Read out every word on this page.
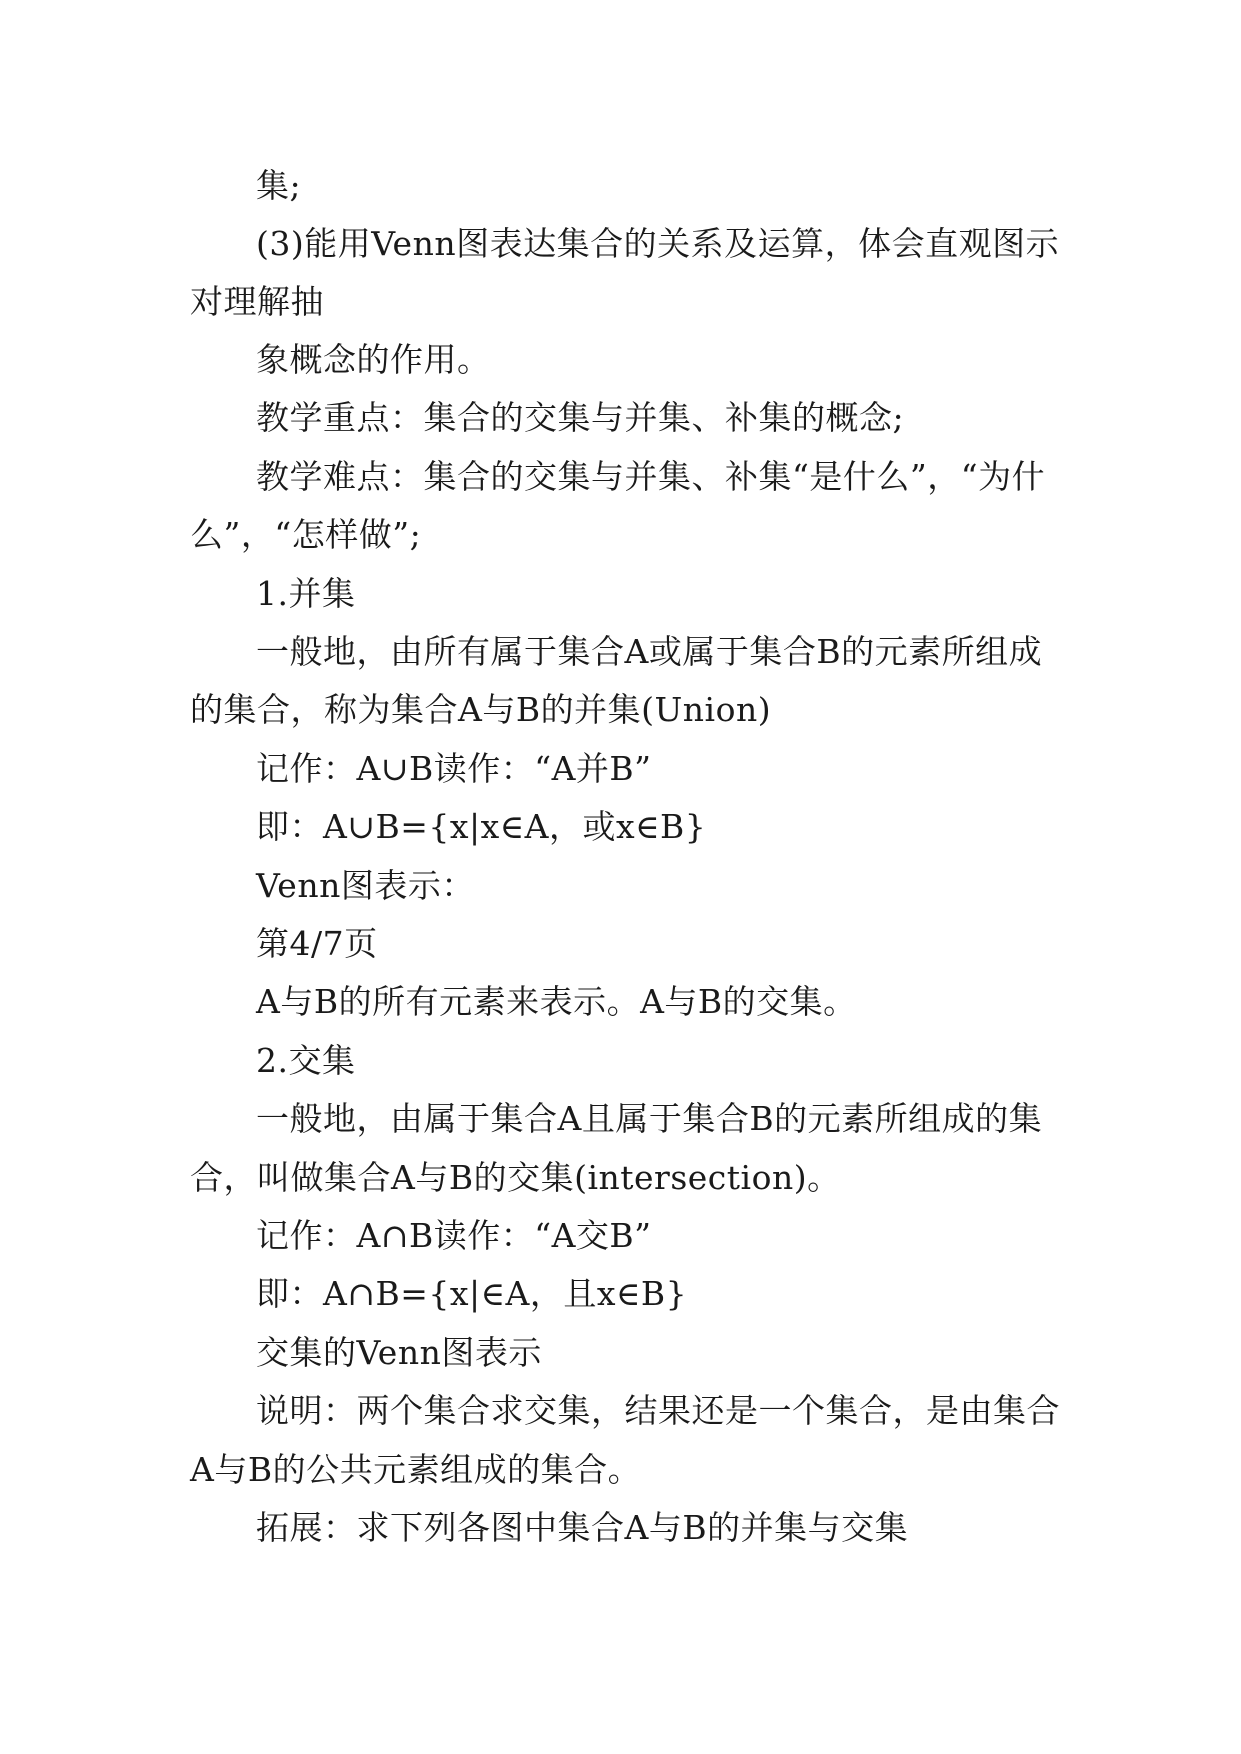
集;
(3)能用Venn图表达集合的关系及运算，体会直观图示
对理解抽
象概念的作用。
教学重点：集合的交集与并集、补集的概念;
教学难点：集合的交集与并集、补集“是什么”，“为什
么”，“怎样做”;
1.并集
一般地，由所有属于集合A或属于集合B的元素所组成
的集合，称为集合A与B的并集(Union)
记作：A∪B读作：“A并B”
即：A∪B={x|x∈A，或x∈B}
Venn图表示：
第4/7页
A与B的所有元素来表示。A与B的交集。
2.交集
一般地，由属于集合A且属于集合B的元素所组成的集
合，叫做集合A与B的交集(intersection)。
记作：A∩B读作：“A交B”
即：A∩B={x|∈A，且x∈B}
交集的Venn图表示
说明：两个集合求交集，结果还是一个集合，是由集合
A与B的公共元素组成的集合。
拓展：求下列各图中集合A与B的并集与交集
